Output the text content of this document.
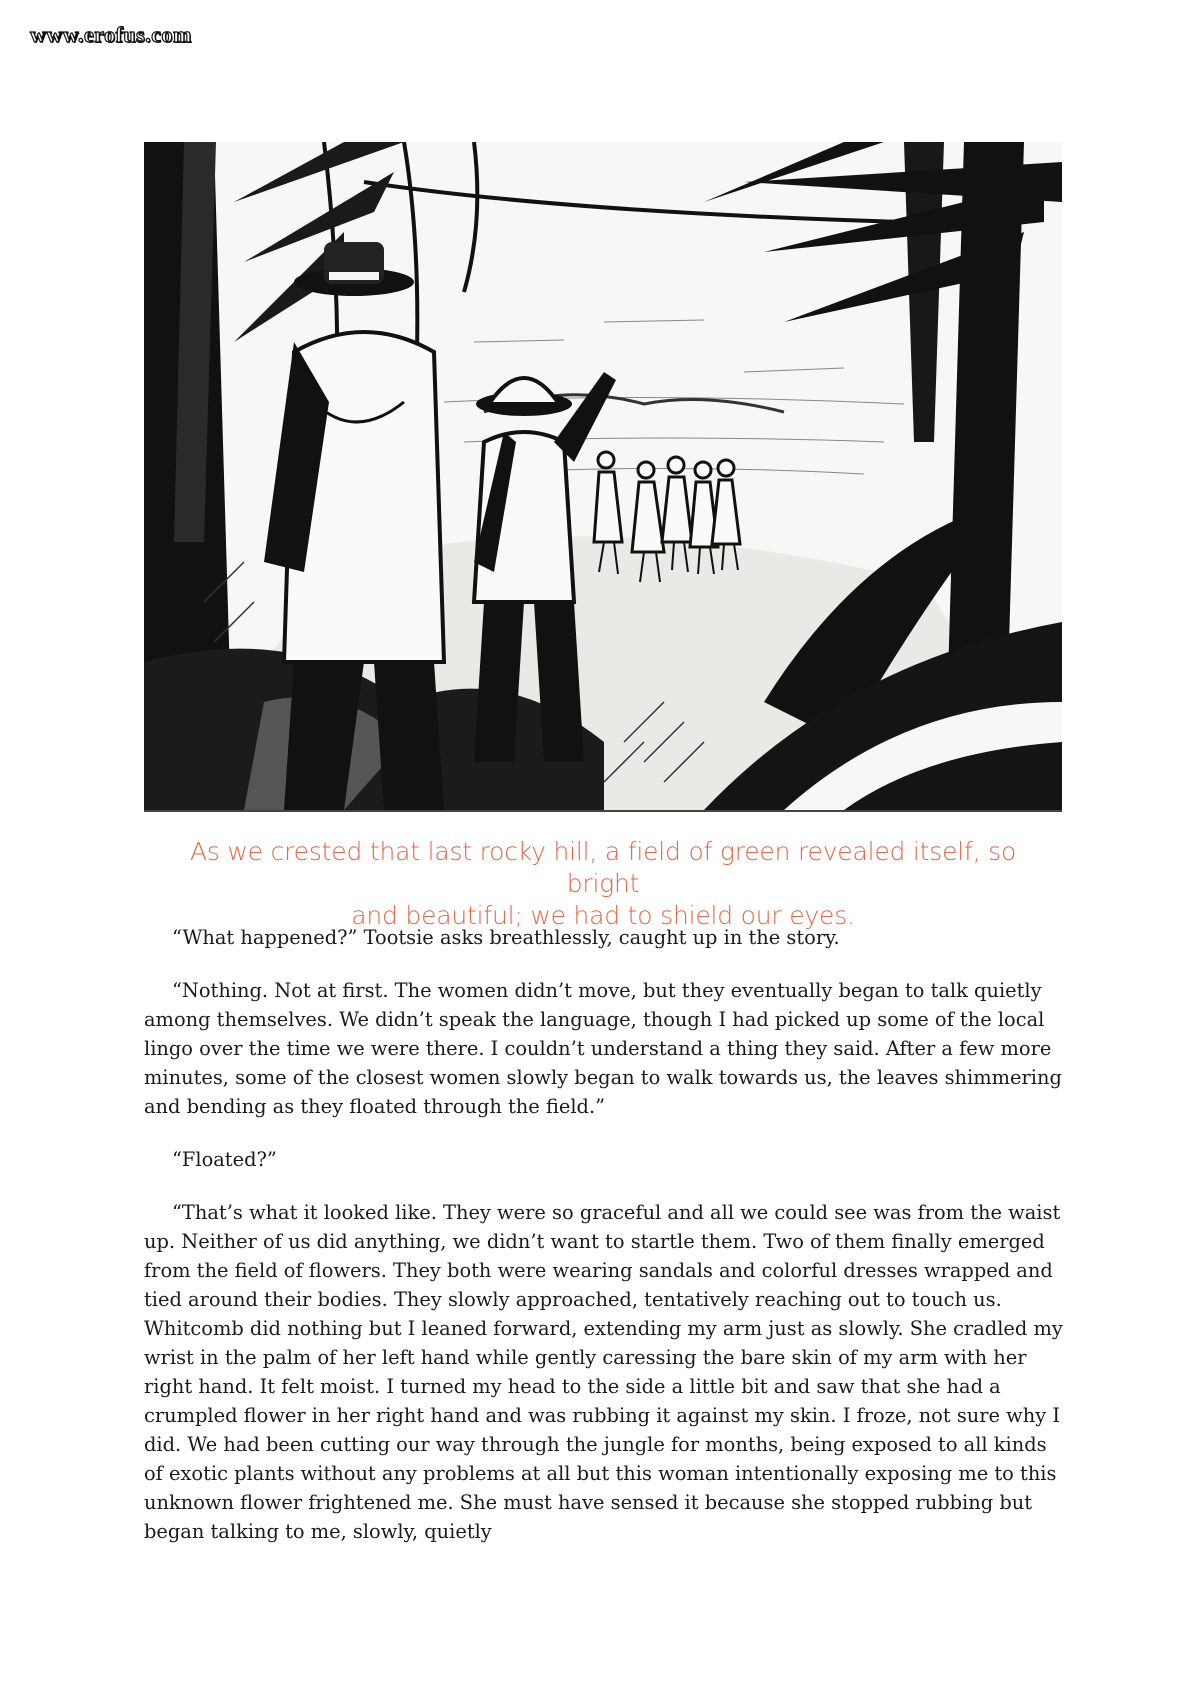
www.erofus.com
As we crested that last rocky hill, a field of green revealed itself, so bright
and beautiful; we had to shield our eyes.

“What happened?” Tootsie asks breathlessly, caught up in the story.

“Nothing. Not at first. The women didn’t move, but they eventually began to talk quietly among themselves. We didn’t speak the language, though I had picked up some of the local lingo over the time we were there. I couldn’t understand a thing they said. After a few more minutes, some of the closest women slowly began to walk towards us, the leaves shimmering and bending as they floated through the field.”

“Floated?”

“That’s what it looked like. They were so graceful and all we could see was from the waist up. Neither of us did anything, we didn’t want to startle them. Two of them finally emerged from the field of flowers. They both were wearing sandals and colorful dresses wrapped and tied around their bodies. They slowly approached, tentatively reaching out to touch us. Whitcomb did nothing but I leaned forward, extending my arm just as slowly. She cradled my wrist in the palm of her left hand while gently caressing the bare skin of my arm with her right hand. It felt moist. I turned my head to the side a little bit and saw that she had a crumpled flower in her right hand and was rubbing it against my skin. I froze, not sure why I did. We had been cutting our way through the jungle for months, being exposed to all kinds of exotic plants without any problems at all but this woman intentionally exposing me to this unknown flower frightened me. She must have sensed it because she stopped rubbing but began talking to me, slowly, quietly
